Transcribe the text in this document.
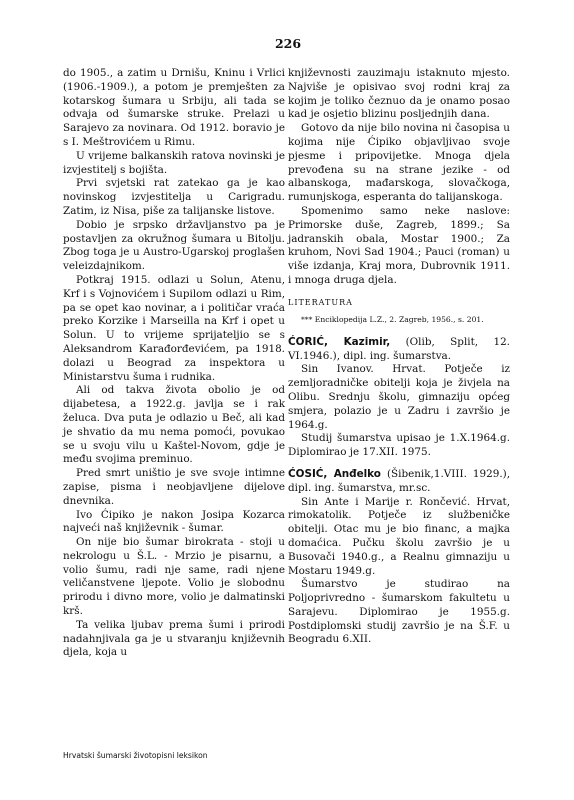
226

do 1905., a zatim u Drnišu, Kninu i Vrlici (1906.-1909.), a potom je premješten za kotarskog šumara u Srbiju, ali tada se odvaja od šumarske struke. Prelazi u Sarajevo za novinara. Od 1912. boravio je s I. Meštrovićem u Rimu.

U vrijeme balkanskih ratova novinski je izvjestitelj s bojišta.

Prvi svjetski rat zatekao ga je kao novinskog izvjestitelja u Carigradu. Zatim, iz Nisa, piše za talijanske listove.

Dobio je srpsko državljanstvo pa je postavljen za okružnog šumara u Bitolju. Zbog toga je u Austro-Ugarskoj proglašen veleizdajnikom.

Potkraj 1915. odlazi u Solun, Atenu, Krf i s Vojnovićem i Supilom odlazi u Rim, pa se opet kao novinar, a i političar vraća preko Korzike i Marseilla na Krf i opet u Solun. U to vrijeme sprijateljio se s Aleksandrom Karađorđevićem, pa 1918. dolazi u Beograd za inspektora u Ministarstvu šuma i rudnika.

Ali od takva života obolio je od dijabetesa, a 1922.g. javlja se i rak želuca. Dva puta je odlazio u Beč, ali kad je shvatio da mu nema pomoći, povukao se u svoju vilu u Kaštel-Novom, gdje je među svojima preminuo.

Pred smrt uništio je sve svoje intimne zapise, pisma i neobjavljene dijelove dnevnika.

Ivo Ćipiko je nakon Josipa Kozarca najveći naš književnik - šumar.

On nije bio šumar birokrata - stoji u nekrologu u Š.L. - Mrzio je pisarnu, a volio šumu, radi nje same, radi njene veličanstvene ljepote. Volio je slobodnu prirodu i divno more, volio je dalmatinski krš.

Ta velika ljubav prema šumi i prirodi nadahnjivala ga je u stvaranju književnih djela, koja u

književnosti zauzimaju istaknuto mjesto. Najviše je opisivao svoj rodni kraj za kojim je toliko čeznuo da je onamo posao kad je osjetio blizinu posljednjih dana.

Gotovo da nije bilo novina ni časopisa u kojima nije Ćipiko objavljivao svoje pjesme i pripovijetke. Mnoga djela prevođena su na strane jezike - od albanskoga, mađarskoga, slovačkoga, rumunjskoga, esperanta do talijanskoga.

Spomenimo samo neke naslove: Primorske duše, Zagreb, 1899.; Sa jadranskih obala, Mostar 1900.; Za kruhom, Novi Sad 1904.; Pauci (roman) u više izdanja, Kraj mora, Dubrovnik 1911. i mnoga druga djela.

LITERATURA
*** Enciklopedija L.Z., 2. Zagreb, 1956., s. 201.

ĆORIĆ, Kazimir, (Olib, Split, 12. VI.1946.), dipl. ing. šumarstva.

Sin Ivanov. Hrvat. Potječe iz zemljoradničke obitelji koja je živjela na Olibu. Srednju školu, gimnaziju općeg smjera, polazio je u Zadru i završio je 1964.g.

Studij šumarstva upisao je 1.X.1964.g. Diplomirao je 17.XII. 1975.

ĆOSIĆ, Anđelko (Šibenik,1.VIII. 1929.), dipl. ing. šumarstva, mr.sc.

Sin Ante i Marije r. Rončević. Hrvat, rimokatolik. Potječe iz službeničke obitelji. Otac mu je bio financ, a majka domaćica. Pučku školu završio je u Busovači 1940.g., a Realnu gimnaziju u Mostaru 1949.g.

Šumarstvo je studirao na Poljoprivredno - šumarskom fakultetu u Sarajevu. Diplomirao je 1955.g. Postdiplomski studij završio je na Š.F. u Beogradu 6.XII.

Hrvatski šumarski životopisni leksikon
